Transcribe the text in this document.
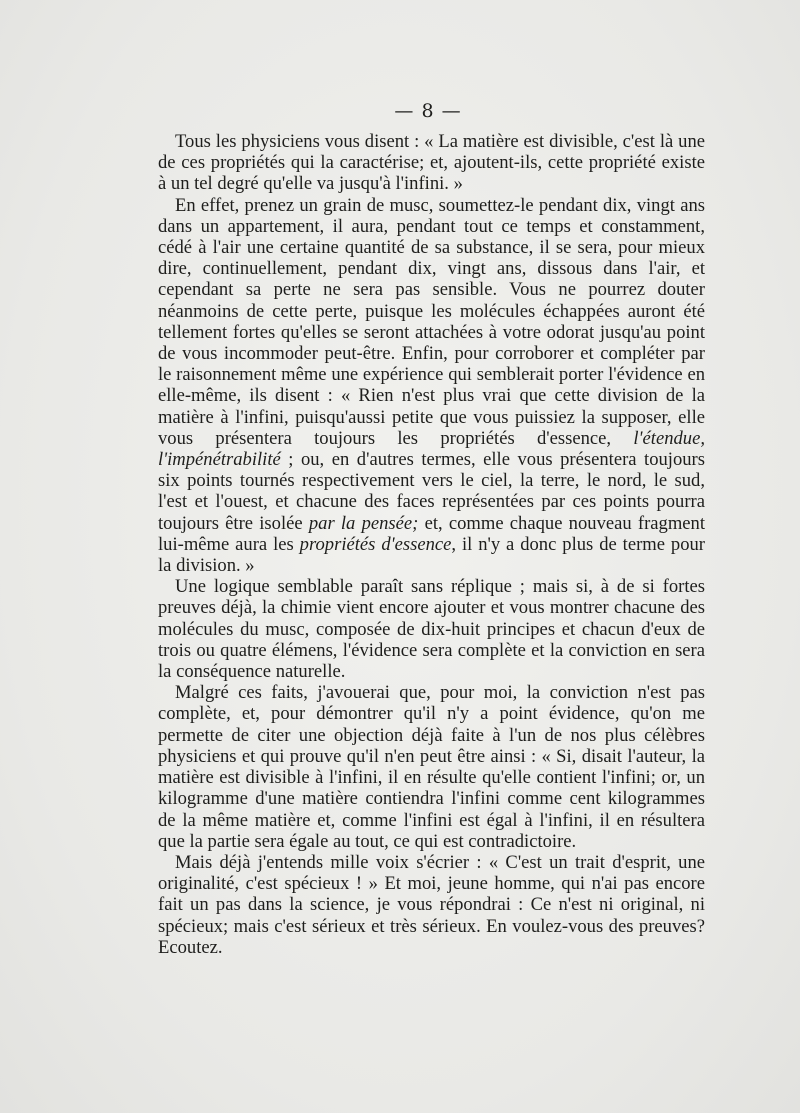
— 8 —

Tous les physiciens vous disent : « La matière est divisible, c'est là une de ces propriétés qui la caractérise; et, ajoutent-ils, cette propriété existe à un tel degré qu'elle va jusqu'à l'infini. »

En effet, prenez un grain de musc, soumettez-le pendant dix, vingt ans dans un appartement, il aura, pendant tout ce temps et constamment, cédé à l'air une certaine quantité de sa substance, il se sera, pour mieux dire, continuellement, pendant dix, vingt ans, dissous dans l'air, et cependant sa perte ne sera pas sensible. Vous ne pourrez douter néanmoins de cette perte, puisque les molécules échappées auront été tellement fortes qu'elles se seront attachées à votre odorat jusqu'au point de vous incommoder peut-être. Enfin, pour corroborer et compléter par le raisonnement même une expérience qui semblerait porter l'évidence en elle-même, ils disent : « Rien n'est plus vrai que cette division de la matière à l'infini, puisqu'aussi petite que vous puissiez la supposer, elle vous présentera toujours les propriétés d'essence, l'étendue, l'impénétrabilité ; ou, en d'autres termes, elle vous présentera toujours six points tournés respectivement vers le ciel, la terre, le nord, le sud, l'est et l'ouest, et chacune des faces représentées par ces points pourra toujours être isolée par la pensée; et, comme chaque nouveau fragment lui-même aura les propriétés d'essence, il n'y a donc plus de terme pour la division. »

Une logique semblable paraît sans réplique ; mais si, à de si fortes preuves déjà, la chimie vient encore ajouter et vous montrer chacune des molécules du musc, composée de dix-huit principes et chacun d'eux de trois ou quatre élémens, l'évidence sera complète et la conviction en sera la conséquence naturelle.

Malgré ces faits, j'avouerai que, pour moi, la conviction n'est pas complète, et, pour démontrer qu'il n'y a point évidence, qu'on me permette de citer une objection déjà faite à l'un de nos plus célèbres physiciens et qui prouve qu'il n'en peut être ainsi : « Si, disait l'auteur, la matière est divisible à l'infini, il en résulte qu'elle contient l'infini; or, un kilogramme d'une matière contiendra l'infini comme cent kilogrammes de la même matière et, comme l'infini est égal à l'infini, il en résultera que la partie sera égale au tout, ce qui est contradictoire.

Mais déjà j'entends mille voix s'écrier : « C'est un trait d'esprit, une originalité, c'est spécieux ! » Et moi, jeune homme, qui n'ai pas encore fait un pas dans la science, je vous répondrai : Ce n'est ni original, ni spécieux; mais c'est sérieux et très sérieux. En voulez-vous des preuves? Ecoutez.
